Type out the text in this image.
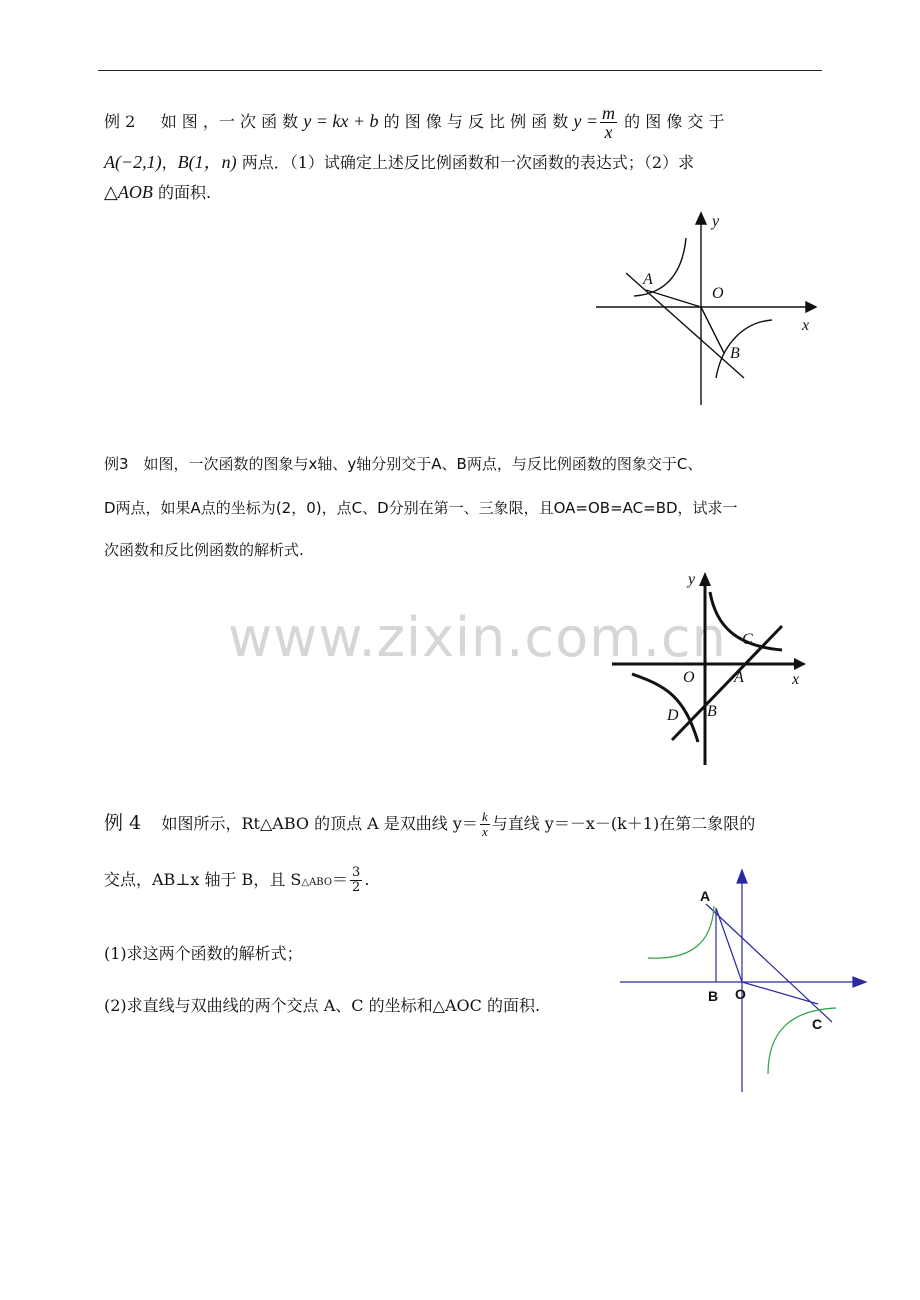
例 2 如 图 ，一 次 函 数 y = kx + b 的 图 像 与 反 比 例 函 数 $y = \frac{m}{x}$ 的 图 像 交 于
A(−2,1)，B(1，n) 两点．（1）试确定上述反比例函数和一次函数的表达式；（2）求
△AOB 的面积.
y
x
A
O
B
例3　如图，一次函数的图象与x轴、y轴分别交于A、B两点，与反比例函数的图象交于C、
D两点，如果A点的坐标为(2，0)，点C、D分别在第一、三象限，且OA=OB=AC=BD，试求一
次函数和反比例函数的解析式.
www.zixin.com.cn
y
x
C
O A
D B
例 4 如图所示，Rt△ABO 的顶点 A 是双曲线 $y= \frac{k}{x}$ 与直线 y＝－x－(k＋1)在第二象限的
交点，AB⊥x 轴于 B，且 S△ABO＝ $\frac{3}{2}$ .
(1)求这两个函数的解析式；
(2)求直线与双曲线的两个交点 A、C 的坐标和△AOC 的面积.
A
B O
C
